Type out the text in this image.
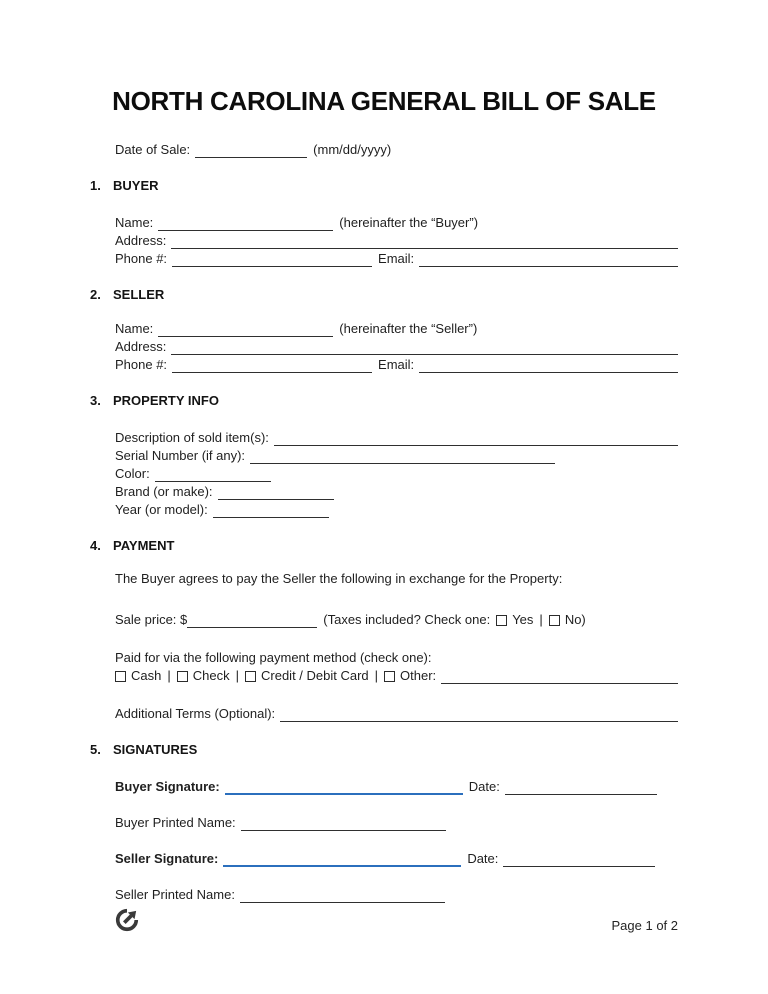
NORTH CAROLINA GENERAL BILL OF SALE
Date of Sale:	(mm/dd/yyyy)
1. BUYER
Name:	(hereinafter the “Buyer”)
Address:
Phone #:	Email:
2. SELLER
Name:	(hereinafter the “Seller”)
Address:
Phone #:	Email:
3. PROPERTY INFO
Description of sold item(s):
Serial Number (if any):
Color:
Brand (or make):
Year (or model):
4. PAYMENT
The Buyer agrees to pay the Seller the following in exchange for the Property:
Sale price: $	(Taxes included? Check one: Yes | No)
Paid for via the following payment method (check one):
Cash | Check | Credit / Debit Card | Other:
Additional Terms (Optional):
5. SIGNATURES
Buyer Signature:	Date:
Buyer Printed Name:
Seller Signature:	Date:
Seller Printed Name:
Page 1 of 2
